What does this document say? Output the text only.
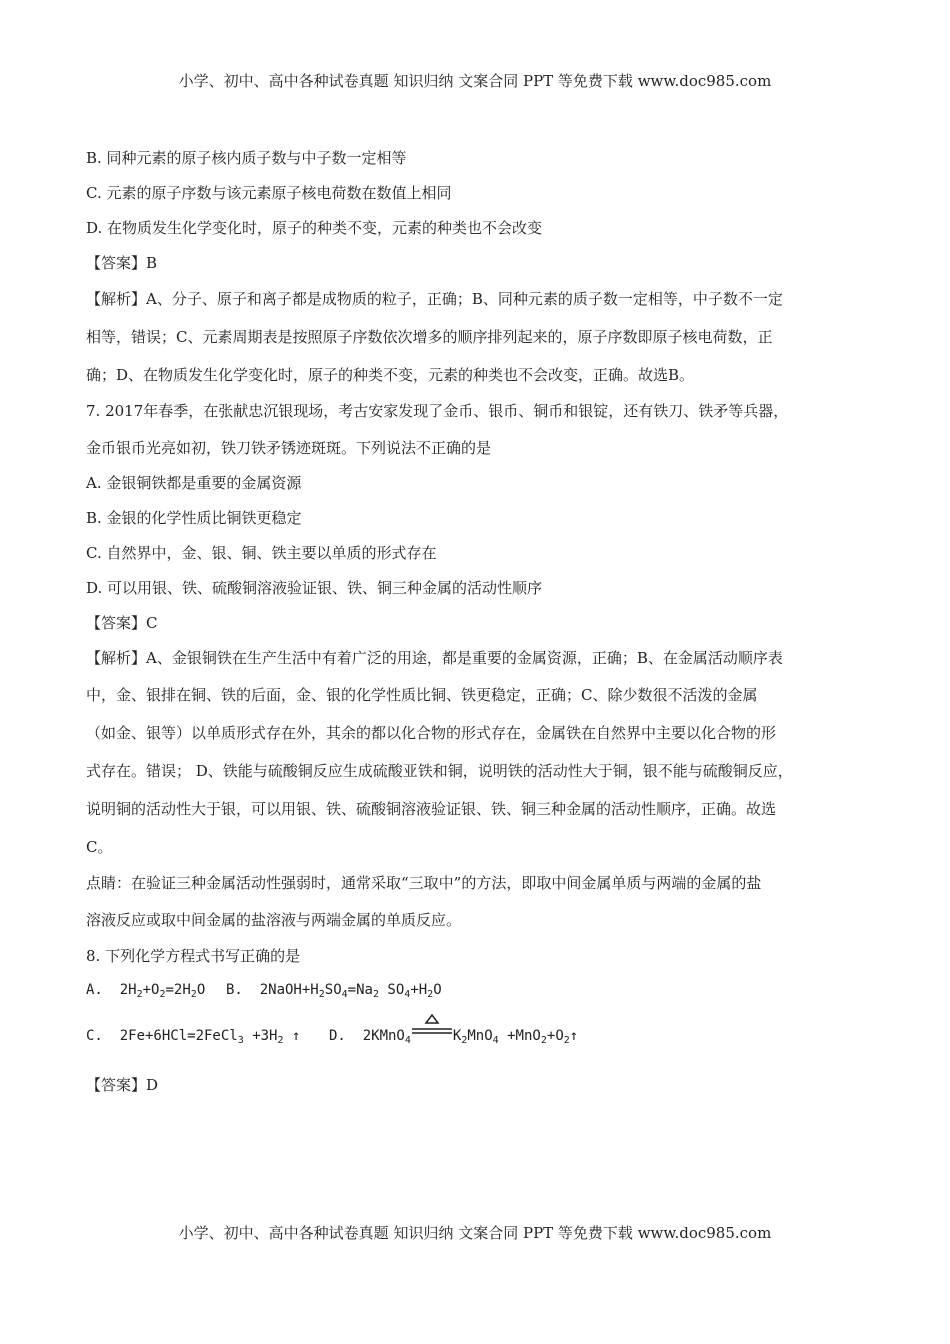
小学、初中、高中各种试卷真题 知识归纳 文案合同 PPT 等免费下载 www.doc985.com
B. 同种元素的原子核内质子数与中子数一定相等
C. 元素的原子序数与该元素原子核电荷数在数值上相同
D. 在物质发生化学变化时，原子的种类不变，元素的种类也不会改变
【答案】B
【解析】A、分子、原子和离子都是成物质的粒子，正确；B、同种元素的质子数一定相等，中子数不一定
相等，错误；C、元素周期表是按照原子序数依次增多的顺序排列起来的，原子序数即原子核电荷数，正
确；D、在物质发生化学变化时，原子的种类不变，元素的种类也不会改变，正确。故选B。
7. 2017年春季，在张献忠沉银现场，考古安家发现了金币、银币、铜币和银锭，还有铁刀、铁矛等兵器，
金币银币光亮如初，铁刀铁矛锈迹斑斑。下列说法不正确的是
A. 金银铜铁都是重要的金属资源
B. 金银的化学性质比铜铁更稳定
C. 自然界中，金、银、铜、铁主要以单质的形式存在
D. 可以用银、铁、硫酸铜溶液验证银、铁、铜三种金属的活动性顺序
【答案】C
【解析】A、金银铜铁在生产生活中有着广泛的用途，都是重要的金属资源，正确；B、在金属活动顺序表
中，金、银排在铜、铁的后面，金、银的化学性质比铜、铁更稳定，正确；C、除少数很不活泼的金属
（如金、银等）以单质形式存在外，其余的都以化合物的形式存在，金属铁在自然界中主要以化合物的形
式存在。错误； D、铁能与硫酸铜反应生成硫酸亚铁和铜，说明铁的活动性大于铜，银不能与硫酸铜反应，
说明铜的活动性大于银，可以用银、铁、硫酸铜溶液验证银、铁、铜三种金属的活动性顺序，正确。故选
C。
点睛：在验证三种金属活动性强弱时，通常采取“三取中”的方法，即取中间金属单质与两端的金属的盐
溶液反应或取中间金属的盐溶液与两端金属的单质反应。
8. 下列化学方程式书写正确的是
A. $2H_2+O_2=2H_2O$ B. $2NaOH+H_2SO_4=Na_2$ $SO_4+H_2O$
C. 2Fe+6HCl=2FeCl$_3$ $+3H_2$ ↑ D. 2KMnO$_4$	$K_2MnO_4$ $+MnO_2+O_2↑$
【答案】D
小学、初中、高中各种试卷真题 知识归纳 文案合同 PPT 等免费下载 www.doc985.com
